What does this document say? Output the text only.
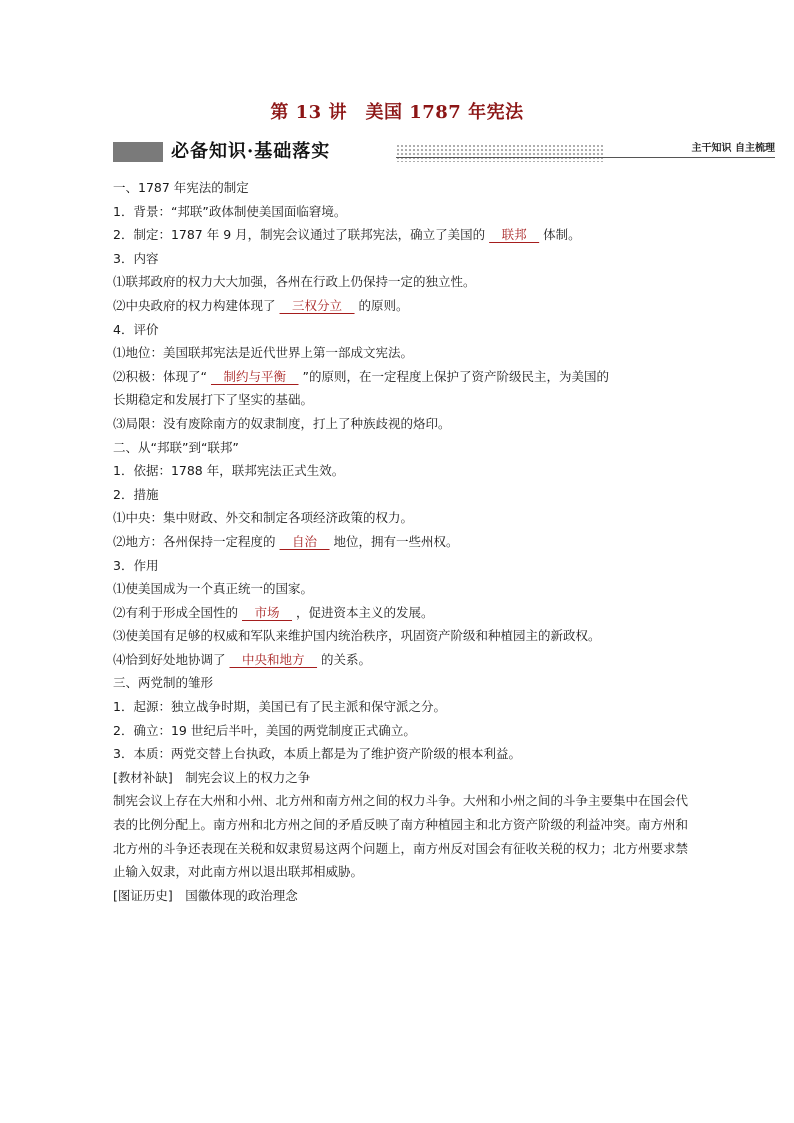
第 13 讲　美国 1787 年宪法
必备知识·基础落实	主干知识 自主梳理
一、1787 年宪法的制定
1．背景：“邦联”政体制使美国面临窘境。
2．制定：1787 年 9 月，制宪会议通过了联邦宪法，确立了美国的　联邦　体制。
3．内容
⑴联邦政府的权力大大加强，各州在行政上仍保持一定的独立性。
⑵中央政府的权力构建体现了　三权分立　的原则。
4．评价
⑴地位：美国联邦宪法是近代世界上第一部成文宪法。
⑵积极：体现了“　制约与平衡　”的原则，在一定程度上保护了资产阶级民主，为美国的
长期稳定和发展打下了坚实的基础。
⑶局限：没有废除南方的奴隶制度，打上了种族歧视的烙印。
二、从“邦联”到“联邦”
1．依据：1788 年，联邦宪法正式生效。
2．措施
⑴中央：集中财政、外交和制定各项经济政策的权力。
⑵地方：各州保持一定程度的　自治　地位，拥有一些州权。
3．作用
⑴使美国成为一个真正统一的国家。
⑵有利于形成全国性的　市场　，促进资本主义的发展。
⑶使美国有足够的权威和军队来维护国内统治秩序，巩固资产阶级和种植园主的新政权。
⑷恰到好处地协调了　中央和地方　的关系。
三、两党制的雏形
1．起源：独立战争时期，美国已有了民主派和保守派之分。
2．确立：19 世纪后半叶，美国的两党制度正式确立。
3．本质：两党交替上台执政，本质上都是为了维护资产阶级的根本利益。
[教材补缺]　制宪会议上的权力之争
制宪会议上存在大州和小州、北方州和南方州之间的权力斗争。大州和小州之间的斗争主要集中在国会代表的比例分配上。南方州和北方州之间的矛盾反映了南方种植园主和北方资产阶级的利益冲突。南方州和北方州的斗争还表现在关税和奴隶贸易这两个问题上，南方州反对国会有征收关税的权力；北方州要求禁止输入奴隶，对此南方州以退出联邦相威胁。
[图证历史]　国徽体现的政治理念
